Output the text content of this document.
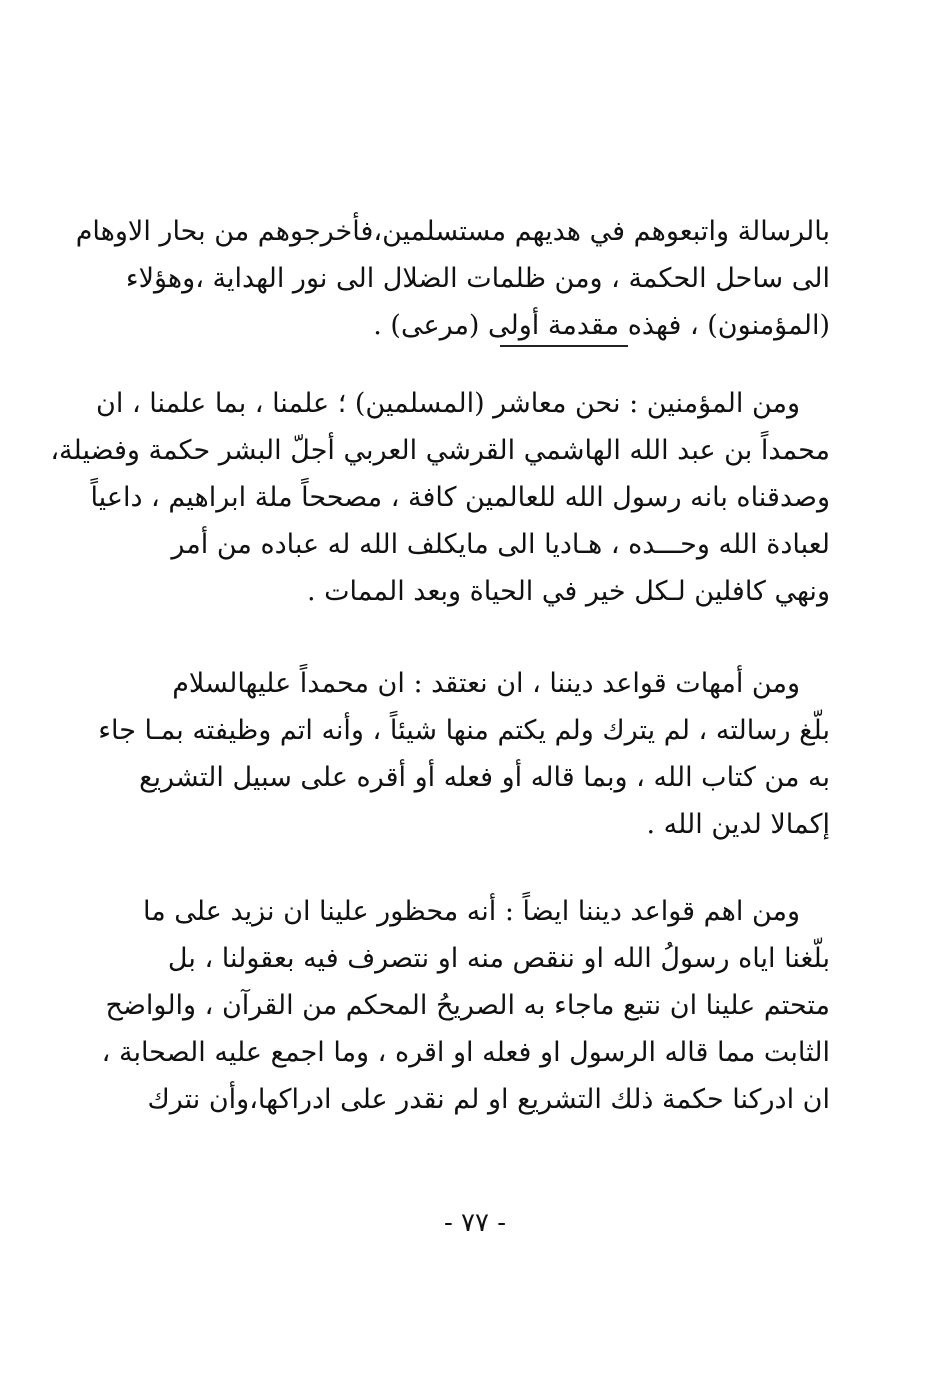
بالرسالة واتبعوهم في هديهم مستسلمين،فأخرجوهم من بحار الاوهام
الى ساحل الحكمة ، ومن ظلمات الضلال الى نور الهداية ،وهؤلاء
(المؤمنون) ، فهذه مقدمة أولى (مرعى) .

ومن المؤمنين : نحن معاشر (المسلمين) ؛ علمنا ، بما علمنا ، ان
محمداً بن عبد الله الهاشمي القرشي العربي أجلّ البشر حكمة وفضيلة،
وصدقناه بانه رسول الله للعالمين كافة ، مصححاً ملة ابراهيم ، داعياً
لعبادة الله وحـــده ، هـاديا الى مايكلف الله له عباده من أمر
ونهي كافلين لـكل خير في الحياة وبعد الممات .

ومن أمهات قواعد ديننا ، ان نعتقد : ان محمداً عليهالسلام
بلّغ رسالته ، لم يترك ولم يكتم منها شيئاً ، وأنه اتم وظيفته بمـا جاء
به من كتاب الله ، وبما قاله أو فعله أو أقره على سبيل التشريع
إكمالا لدين الله .

ومن اهم قواعد ديننا ايضاً : أنه محظور علينا ان نزيد على ما
بلّغنا اياه رسولُ الله او ننقص منه او نتصرف فيه بعقولنا ، بل
متحتم علينا ان نتبع ماجاء به الصريحُ المحكم من القرآن ، والواضح
الثابت مما قاله الرسول او فعله او اقره ، وما اجمع عليه الصحابة ،
ان ادركنا حكمة ذلك التشريع او لم نقدر على ادراكها،وأن نترك

- ٧٧ -
